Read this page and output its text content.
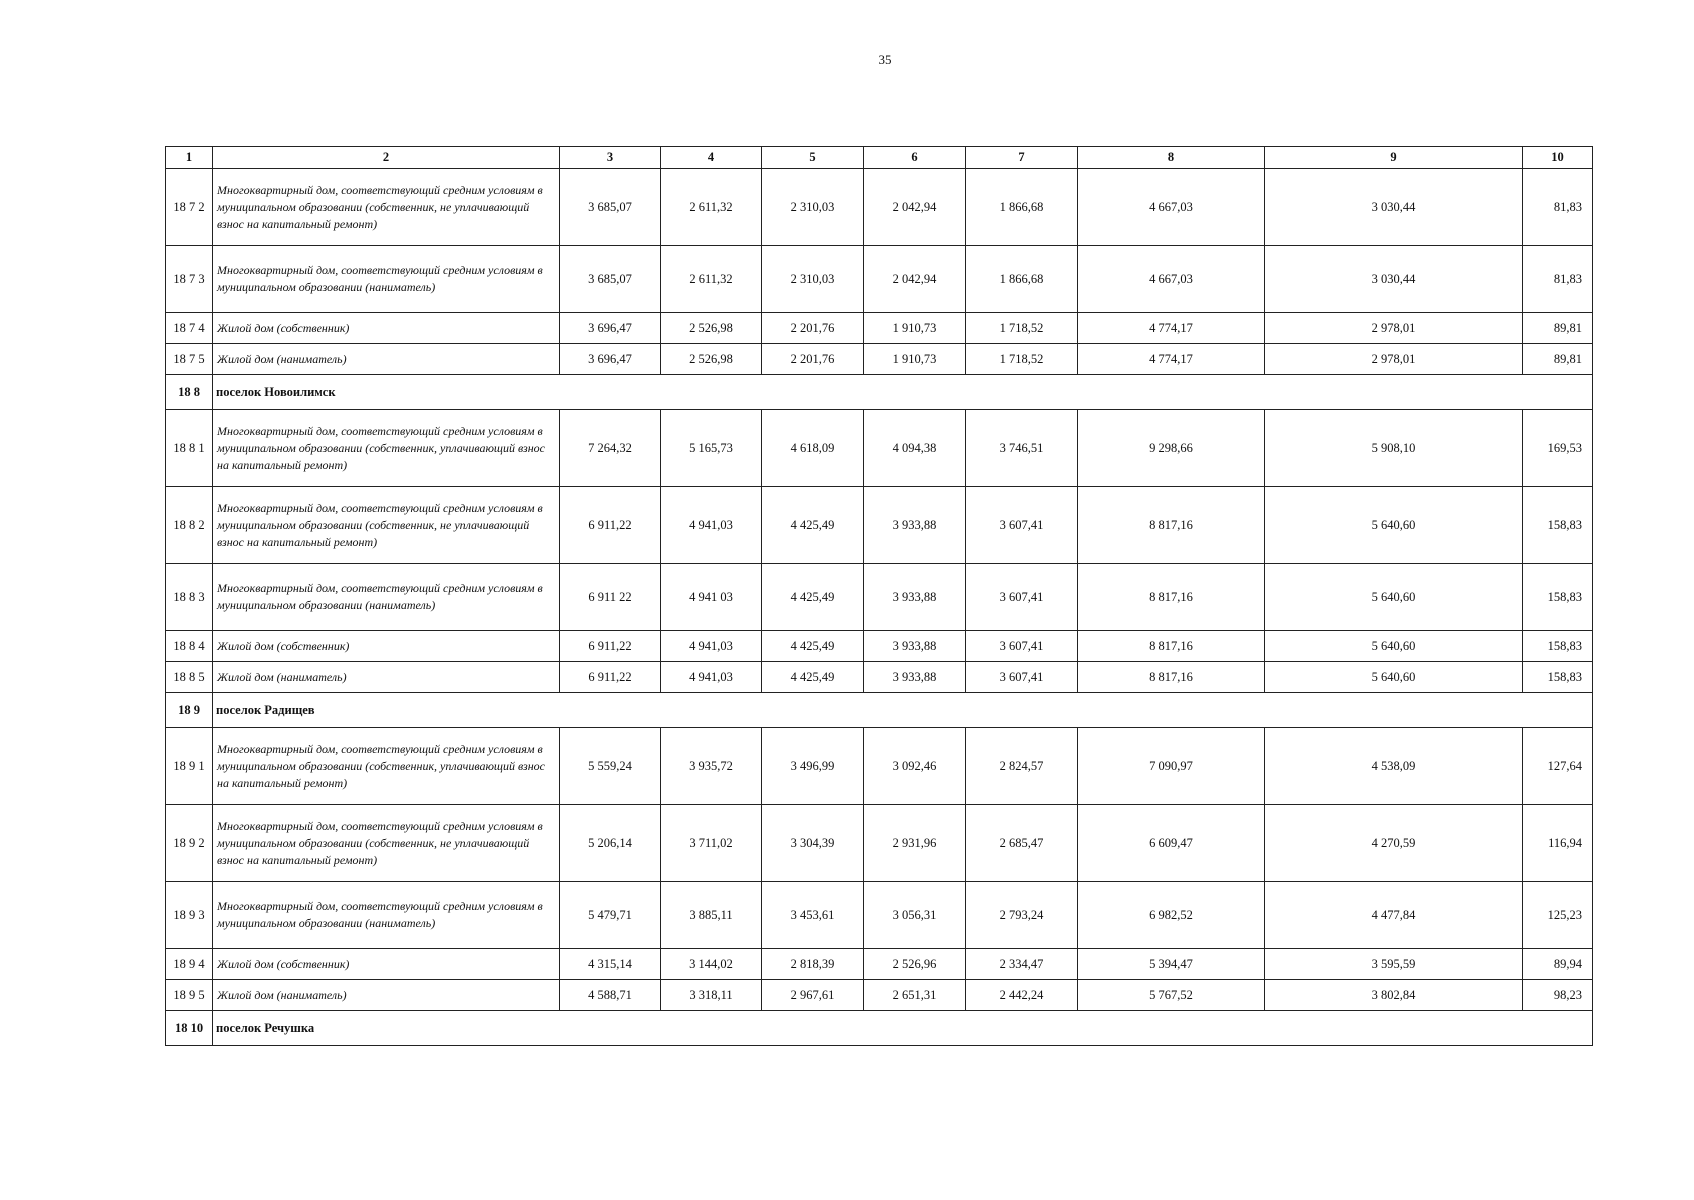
35
1	2	3	4	5	6	7	8	9	10
18 7 2	Многоквартирный дом, соответствующий средним условиям в муниципальном образовании (собственник, не уплачивающий взнос на капитальный ремонт)	3 685,07	2 611,32	2 310,03	2 042,94	1 866,68	4 667,03	3 030,44	81,83
18 7 3	Многоквартирный дом, соответствующий средним условиям в муниципальном образовании (наниматель)	3 685,07	2 611,32	2 310,03	2 042,94	1 866,68	4 667,03	3 030,44	81,83
18 7 4	Жилой дом (собственник)	3 696,47	2 526,98	2 201,76	1 910,73	1 718,52	4 774,17	2 978,01	89,81
18 7 5	Жилой дом (наниматель)	3 696,47	2 526,98	2 201,76	1 910,73	1 718,52	4 774,17	2 978,01	89,81
18 8	поселок Новоилимск								
18 8 1	Многоквартирный дом, соответствующий средним условиям в муниципальном образовании (собственник, уплачивающий взнос на капитальный ремонт)	7 264,32	5 165,73	4 618,09	4 094,38	3 746,51	9 298,66	5 908,10	169,53
18 8 2	Многоквартирный дом, соответствующий средним условиям в муниципальном образовании (собственник, не уплачивающий взнос на капитальный ремонт)	6 911,22	4 941,03	4 425,49	3 933,88	3 607,41	8 817,16	5 640,60	158,83
18 8 3	Многоквартирный дом, соответствующий средним условиям в муниципальном образовании (наниматель)	6 911 22	4 941 03	4 425,49	3 933,88	3 607,41	8 817,16	5 640,60	158,83
18 8 4	Жилой дом (собственник)	6 911,22	4 941,03	4 425,49	3 933,88	3 607,41	8 817,16	5 640,60	158,83
18 8 5	Жилой дом (наниматель)	6 911,22	4 941,03	4 425,49	3 933,88	3 607,41	8 817,16	5 640,60	158,83
18 9	поселок Радищев								
18 9 1	Многоквартирный дом, соответствующий средним условиям в муниципальном образовании (собственник, уплачивающий взнос на капитальный ремонт)	5 559,24	3 935,72	3 496,99	3 092,46	2 824,57	7 090,97	4 538,09	127,64
18 9 2	Многоквартирный дом, соответствующий средним условиям в муниципальном образовании (собственник, не уплачивающий взнос на капитальный ремонт)	5 206,14	3 711,02	3 304,39	2 931,96	2 685,47	6 609,47	4 270,59	116,94
18 9 3	Многоквартирный дом, соответствующий средним условиям в муниципальном образовании (наниматель)	5 479,71	3 885,11	3 453,61	3 056,31	2 793,24	6 982,52	4 477,84	125,23
18 9 4	Жилой дом (собственник)	4 315,14	3 144,02	2 818,39	2 526,96	2 334,47	5 394,47	3 595,59	89,94
18 9 5	Жилой дом (наниматель)	4 588,71	3 318,11	2 967,61	2 651,31	2 442,24	5 767,52	3 802,84	98,23
18 10	поселок Речушка								
